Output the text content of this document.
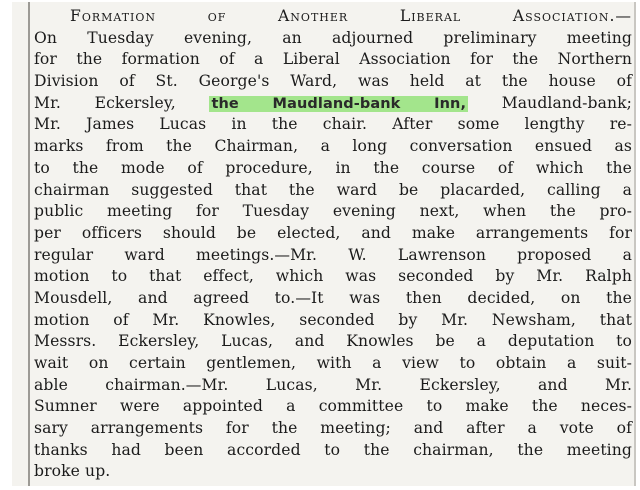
Formation of Another Liberal Association.—
On Tuesday evening, an adjourned preliminary meeting
for the formation of a Liberal Association for the Northern
Division of St. George's Ward, was held at the house of
Mr. Eckersley, the Maudland-bank Inn, Maudland-bank;
Mr. James Lucas in the chair. After some lengthy re-
marks from the Chairman, a long conversation ensued as
to the mode of procedure, in the course of which the
chairman suggested that the ward be placarded, calling a
public meeting for Tuesday evening next, when the pro-
per officers should be elected, and make arrangements for
regular ward meetings.—Mr. W. Lawrenson proposed a
motion to that effect, which was seconded by Mr. Ralph
Mousdell, and agreed to.—It was then decided, on the
motion of Mr. Knowles, seconded by Mr. Newsham, that
Messrs. Eckersley, Lucas, and Knowles be a deputation to
wait on certain gentlemen, with a view to obtain a suit-
able chairman.—Mr. Lucas, Mr. Eckersley, and Mr.
Sumner were appointed a committee to make the neces-
sary arrangements for the meeting; and after a vote of
thanks had been accorded to the chairman, the meeting
broke up.
